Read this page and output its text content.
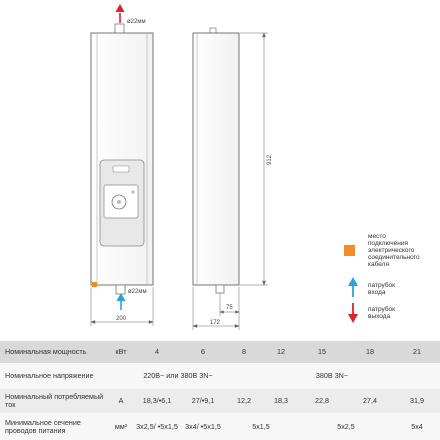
ø22мм
ø22мм
200
912
75
172
место подключения электрического соединительного кабеля
патрубок входа
патрубок выхода
Номинальная мощность	кВт	4	6	8	12	15	18	21
Номинальное напряжение		220В~ или 380В 3N~		380В 3N~				
Номинальный потребляемый ток	А	18,3/•6,1	27/•9,1	12,2	18,3	22,8	27,4	31,9
Минимальное сечение проводов питания	мм²	3x2,5/ •5x1,5	3x4/ •5x1,5	5x1,5		5x2,5		5x4
